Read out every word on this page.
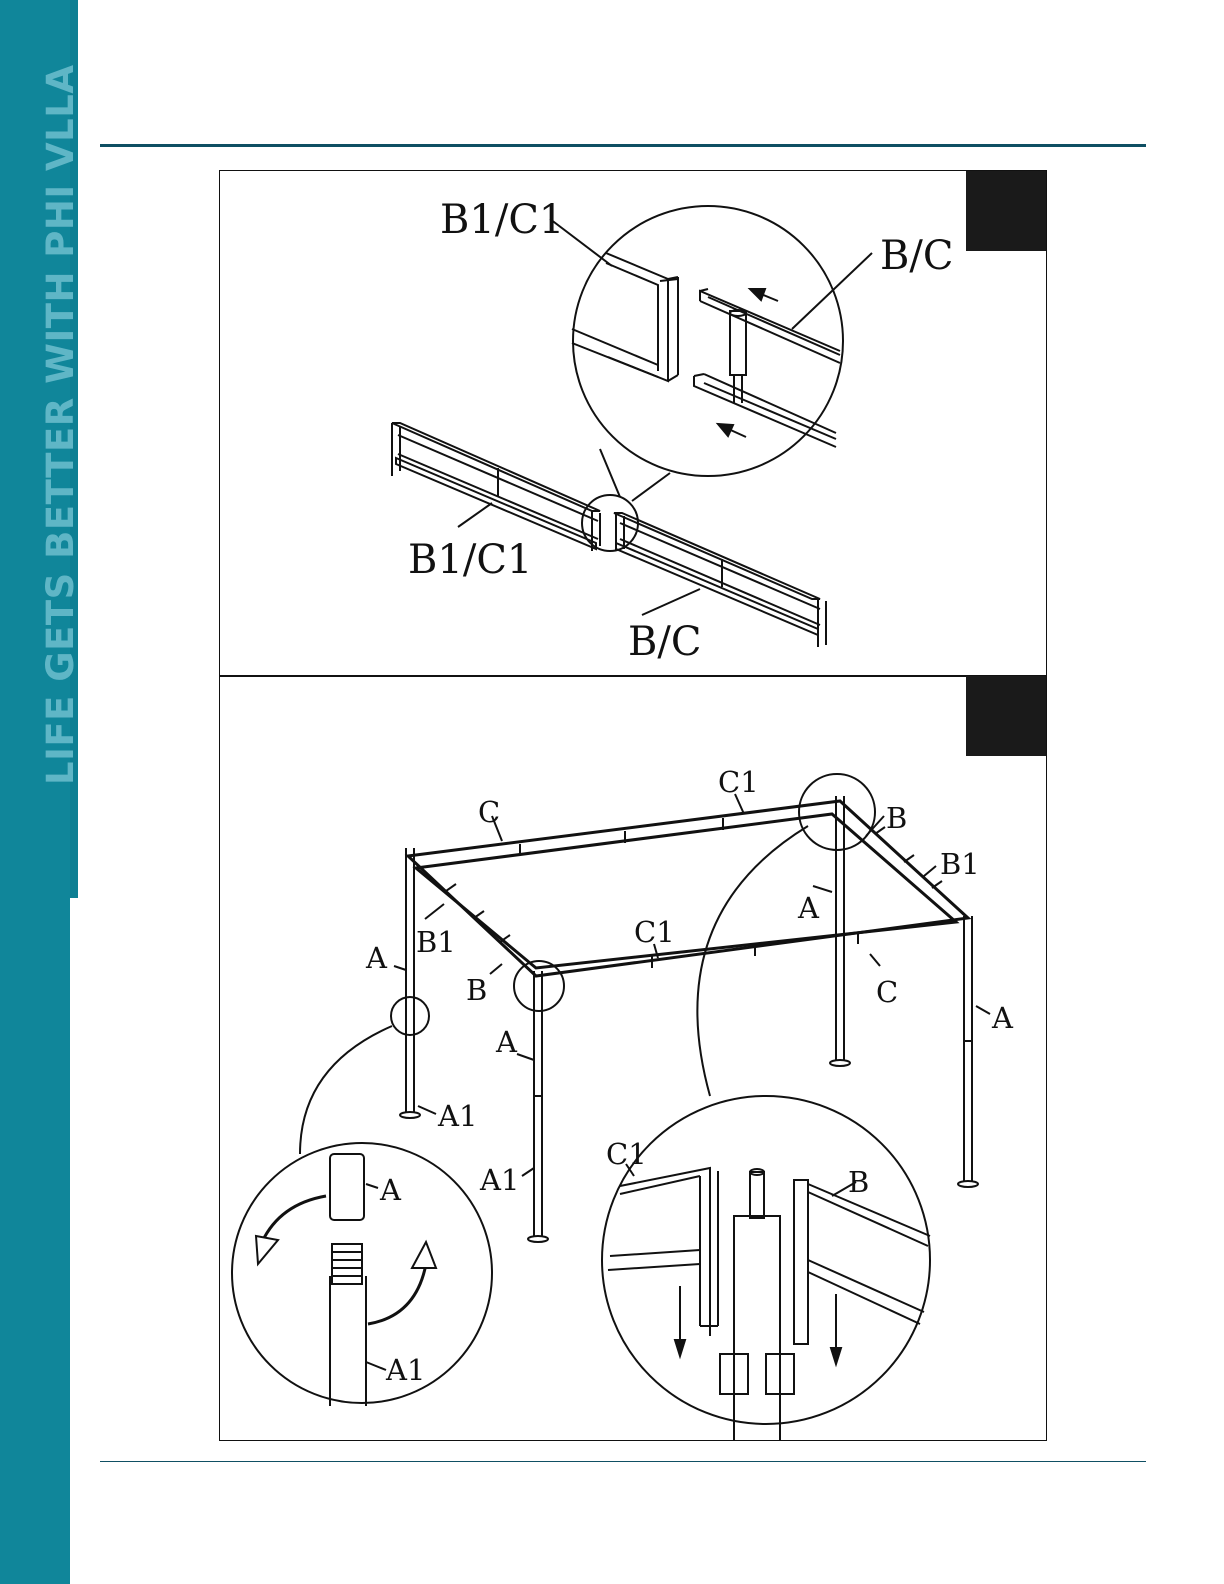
LIFE GETS BETTER WITH PHI VLLA	B1/C1
B/C
B1/C1
B/C
C
C1
B
B1
A
C1
C
A
A B1
B
A
A1
A1
A
A1
C1
B
